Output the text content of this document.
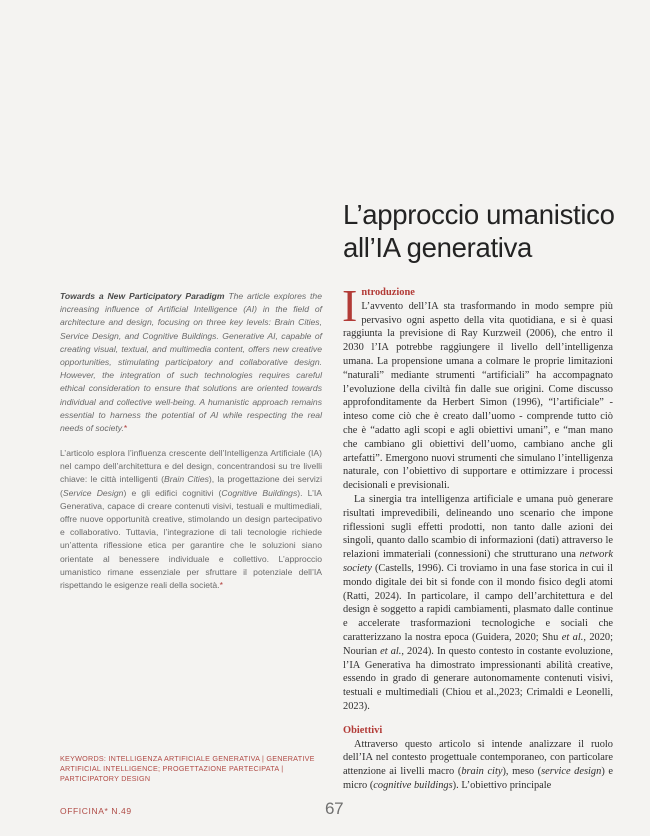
L’approccio umanistico
all’IA generativa
Towards a New Participatory Paradigm The article explores the increasing influence of Artificial Intelligence (AI) in the field of architecture and design, focusing on three key levels: Brain Cities, Service Design, and Cognitive Buildings. Generative AI, capable of creating visual, textual, and multimedia content, offers new creative opportunities, stimulating participatory and collaborative design. However, the integration of such technologies requires careful ethical consideration to ensure that solutions are oriented towards individual and collective well-being. A humanistic approach remains essential to harness the potential of AI while respecting the real needs of society.*
L’articolo esplora l’influenza crescente dell’Intelligenza Artificiale (IA) nel campo dell’architettura e del design, concentrandosi su tre livelli chiave: le città intelligenti (Brain Cities), la progettazione dei servizi (Service Design) e gli edifici cognitivi (Cognitive Buildings). L’IA Generativa, capace di creare contenuti visivi, testuali e multimediali, offre nuove opportunità creative, stimolando un design partecipativo e collaborativo. Tuttavia, l’integrazione di tali tecnologie richiede un’attenta riflessione etica per garantire che le soluzioni siano orientate al benessere individuale e collettivo. L’approccio umanistico rimane essenziale per sfruttare il potenziale dell’IA rispettando le esigenze reali della società.*
KEYWORDS: INTELLIGENZA ARTIFICIALE GENERATIVA | GENERATIVE ARTIFICIAL INTELLIGENCE; PROGETTAZIONE PARTECIPATA | PARTICIPATORY DESIGN
I ntroduzione

L’avvento dell’IA sta trasformando in modo sempre più pervasivo ogni aspetto della vita quotidiana, e si è quasi raggiunta la previsione di Ray Kurzweil (2006), che entro il 2030 l’IA potrebbe raggiungere il livello dell’intelligenza umana. La propensione umana a colmare le proprie limitazioni “naturali” mediante strumenti “artificiali” ha accompagnato l’evoluzione della civiltà fin dalle sue origini. Come discusso approfonditamente da Herbert Simon (1996), “l’artificiale” - inteso come ciò che è creato dall’uomo - comprende tutto ciò che è “adatto agli scopi e agli obiettivi umani”, e “man mano che cambiano gli obiettivi dell’uomo, cambiano anche gli artefatti”. Emergono nuovi strumenti che simulano l’intelligenza naturale, con l’obiettivo di supportare e ottimizzare i processi decisionali e previsionali.

La sinergia tra intelligenza artificiale e umana può generare risultati imprevedibili, delineando uno scenario che impone riflessioni sugli effetti prodotti, non tanto dalle azioni dei singoli, quanto dallo scambio di informazioni (dati) attraverso le relazioni immateriali (connessioni) che strutturano una network society (Castells, 1996). Ci troviamo in una fase storica in cui il mondo digitale dei bit si fonde con il mondo fisico degli atomi (Ratti, 2024). In particolare, il campo dell’architettura e del design è soggetto a rapidi cambiamenti, plasmato dalle continue e accelerate trasformazioni tecnologiche e sociali che caratterizzano la nostra epoca (Guidera, 2020; Shu et al., 2020; Nourian et al., 2024). In questo contesto in costante evoluzione, l’IA Generativa ha dimostrato impressionanti abilità creative, essendo in grado di generare autonomamente contenuti visivi, testuali e multimediali (Chiou et al.,2023; Crimaldi e Leonelli, 2023).

Obiettivi

Attraverso questo articolo si intende analizzare il ruolo dell’IA nel contesto progettuale contemporaneo, con particolare attenzione ai livelli macro (brain city), meso (service design) e micro (cognitive buildings). L’obiettivo principale

OFFICINA* N.49	67
